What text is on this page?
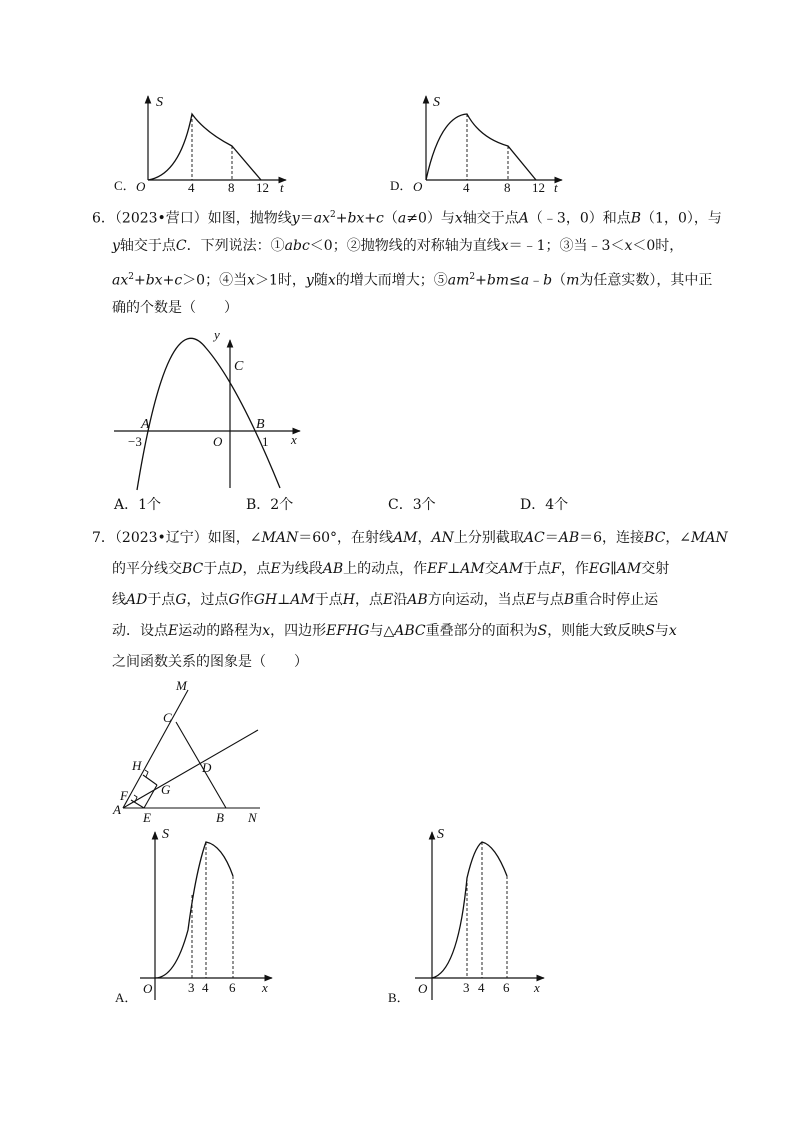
S
O	4	8 12 t
C．
S
O	4	8 12 t
D．
6．（2023•营口）如图，抛物线$y=ax^2+bx+c(a\ne 0)$与x轴交于点A（﹣3，0）和点B（1，0），与
y轴交于点C．下列说法：①abc＜0；②抛物线的对称轴为直线x＝﹣1；③当﹣3＜x＜0时，
$ax^2+bx+c>0$；④当x＞1时，y随x的增大而增大；$⑤am^2+bm\le a﹣b(m$为任意实数），其中正
确的个数是（　　）
y
C
A	B
−3	O	1 x
A．1个	B．2个	C．3个	D．4个
7．（2023•辽宁）如图，∠MAN＝60°，在射线AM，AN上分别截取AC＝AB＝6，连接BC，∠MAN
的平分线交BC于点D，点E为线段AB上的动点，作EF⊥AM交AM于点F，作EG∥AM交射
线AD于点G，过点G作GH⊥AM于点H，点E沿AB方向运动，当点E与点B重合时停止运
动．设点E运动的路程为x，四边形EFHG与△ABC重叠部分的面积为S，则能大致反映S与x
之间函数关系的图象是（　　）
M
C
H	D
G
F
A
E	B N
S
O	3 4 6 x
A．
S
O	3 4 6 x
B．
